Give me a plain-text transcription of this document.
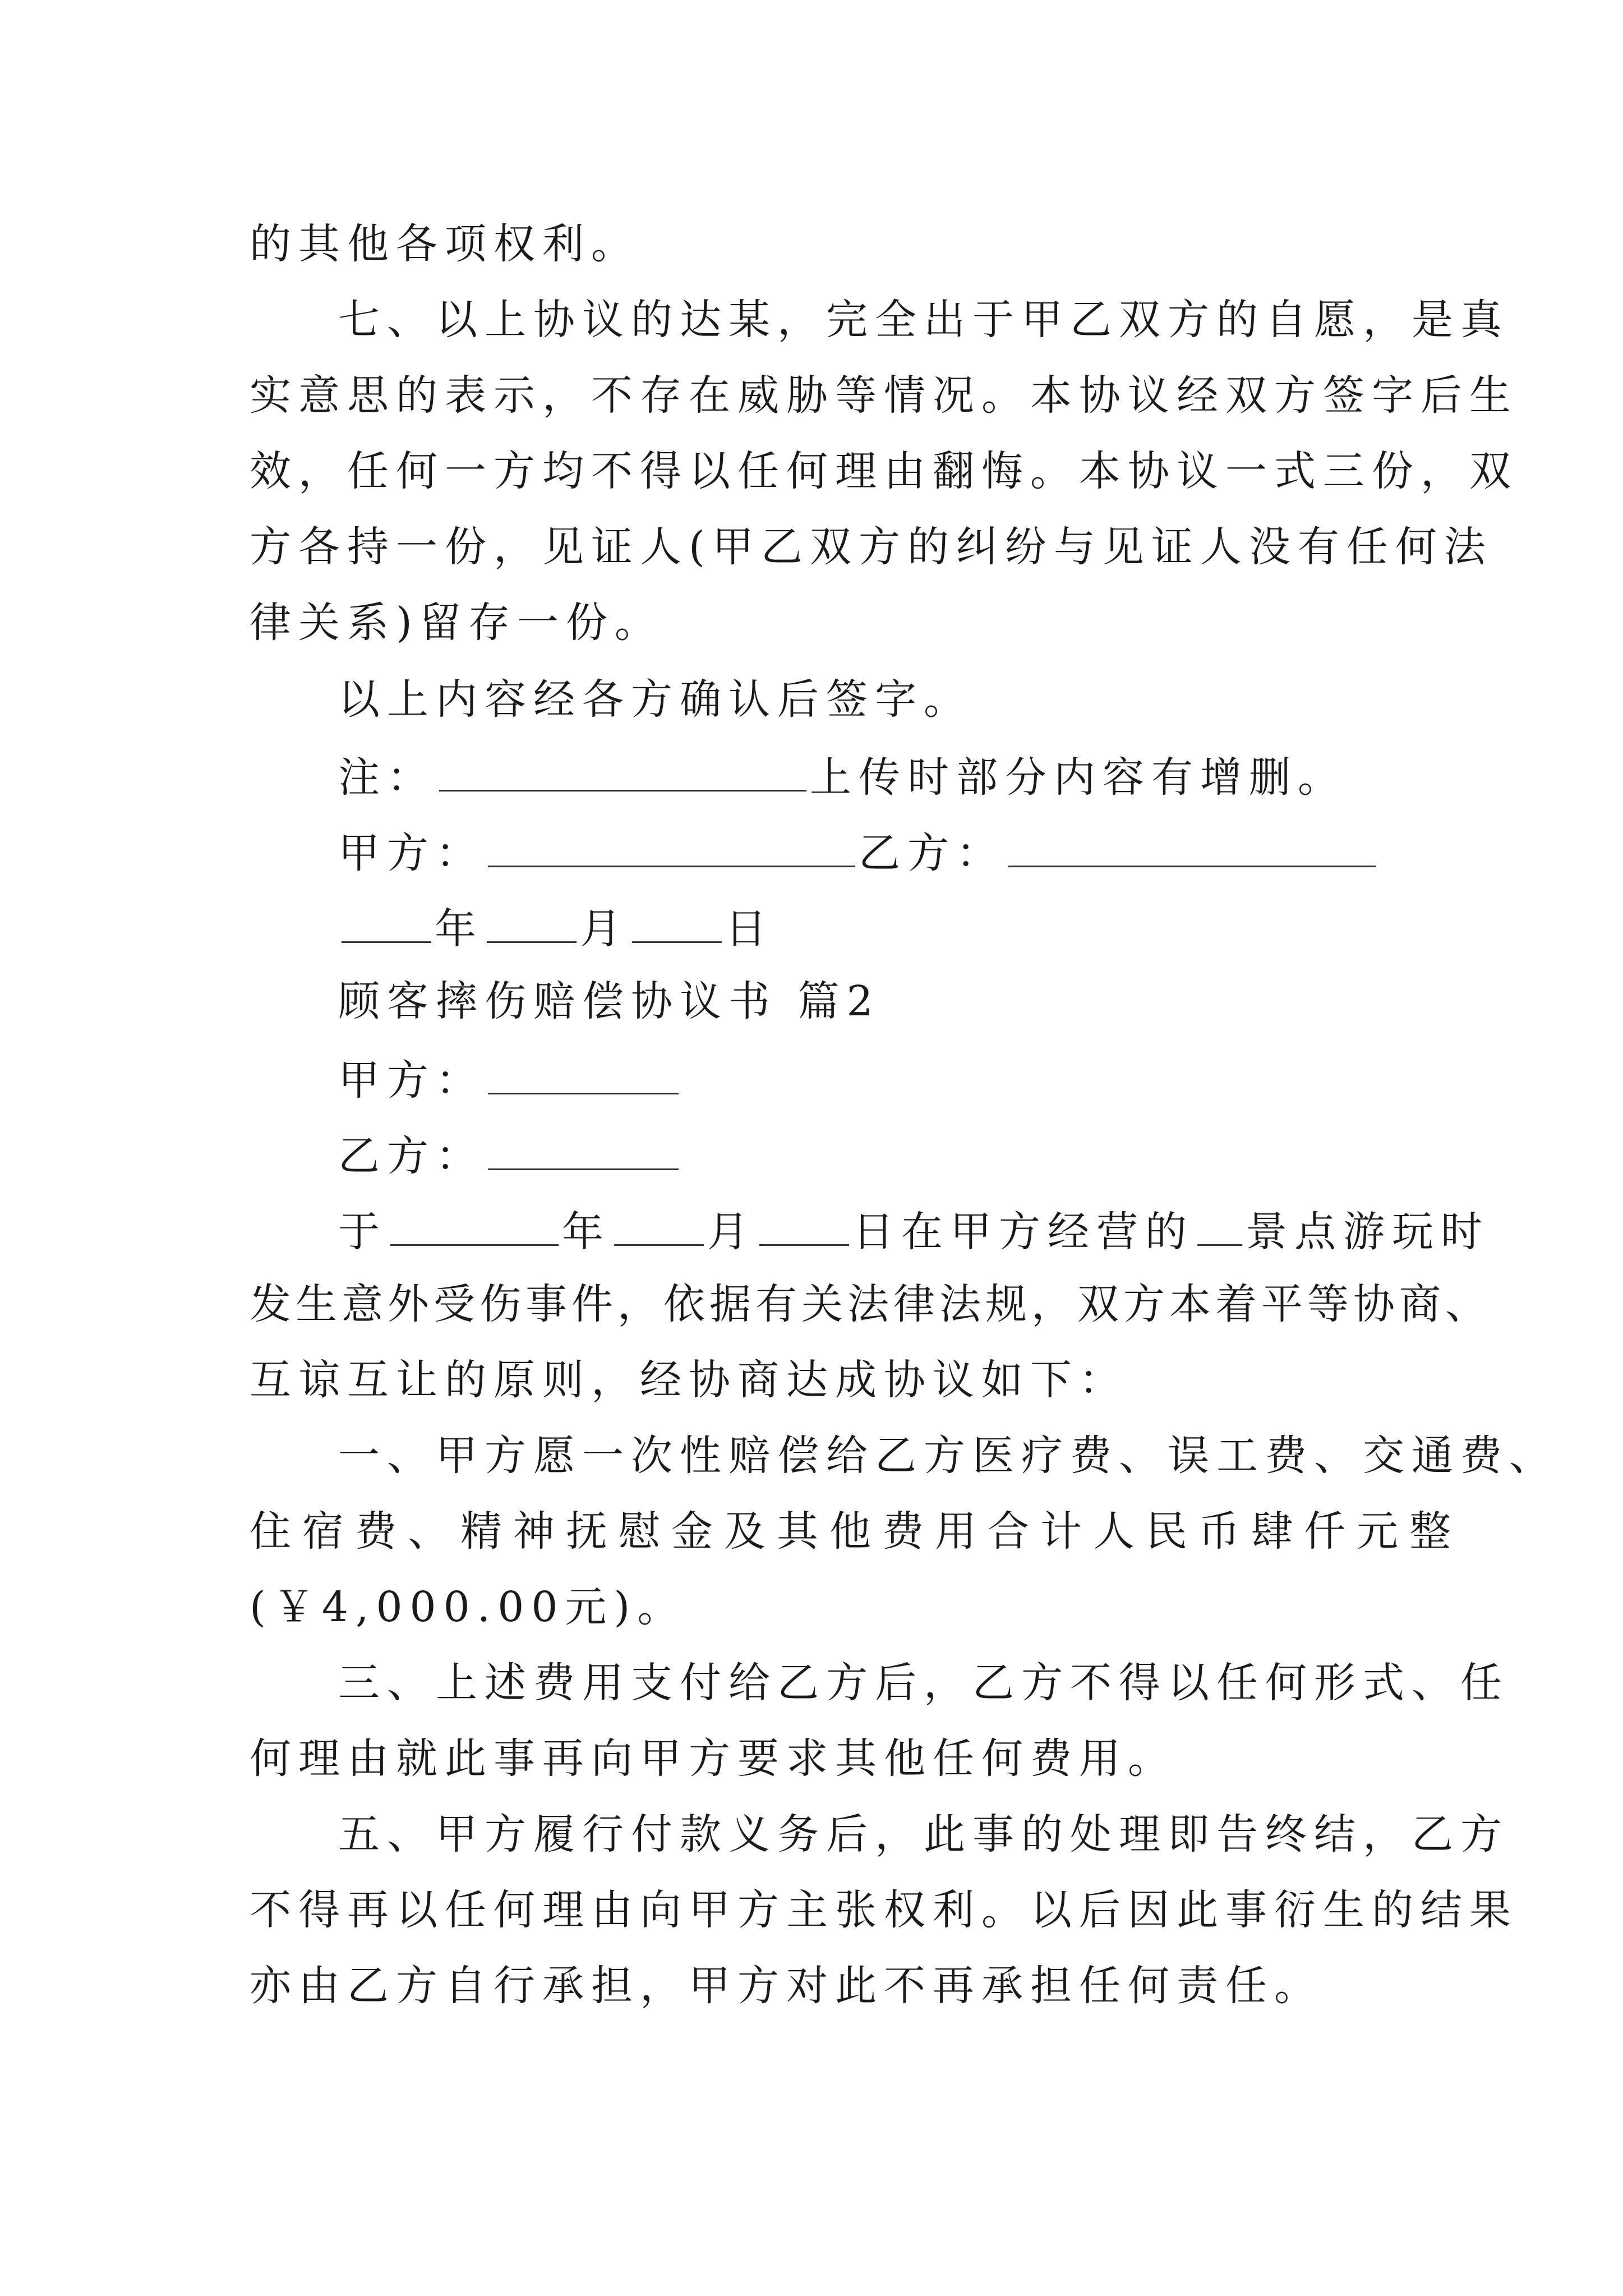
的其他各项权利。
七、以上协议的达某，完全出于甲乙双方的自愿，是真
实意思的表示，不存在威胁等情况。本协议经双方签字后生
效，任何一方均不得以任何理由翻悔。本协议一式三份，双
方各持一份，见证人(甲乙双方的纠纷与见证人没有任何法
律关系)留存一份。
以上内容经各方确认后签字。
注：	上传时部分内容有增删。
甲方：	乙方：
年 月 日
顾客摔伤赔偿协议书 篇2
甲方：
乙方：
于	年 月 日在甲方经营的 景点游玩时
发生意外受伤事件，依据有关法律法规，双方本着平等协商、
互谅互让的原则，经协商达成协议如下：
一、甲方愿一次性赔偿给乙方医疗费、误工费、交通费、
住宿费、精神抚慰金及其他费用合计人民币肆仟元整
(￥4,000.00元)。
三、上述费用支付给乙方后，乙方不得以任何形式、任
何理由就此事再向甲方要求其他任何费用。
五、甲方履行付款义务后，此事的处理即告终结，乙方
不得再以任何理由向甲方主张权利。以后因此事衍生的结果
亦由乙方自行承担，甲方对此不再承担任何责任。
